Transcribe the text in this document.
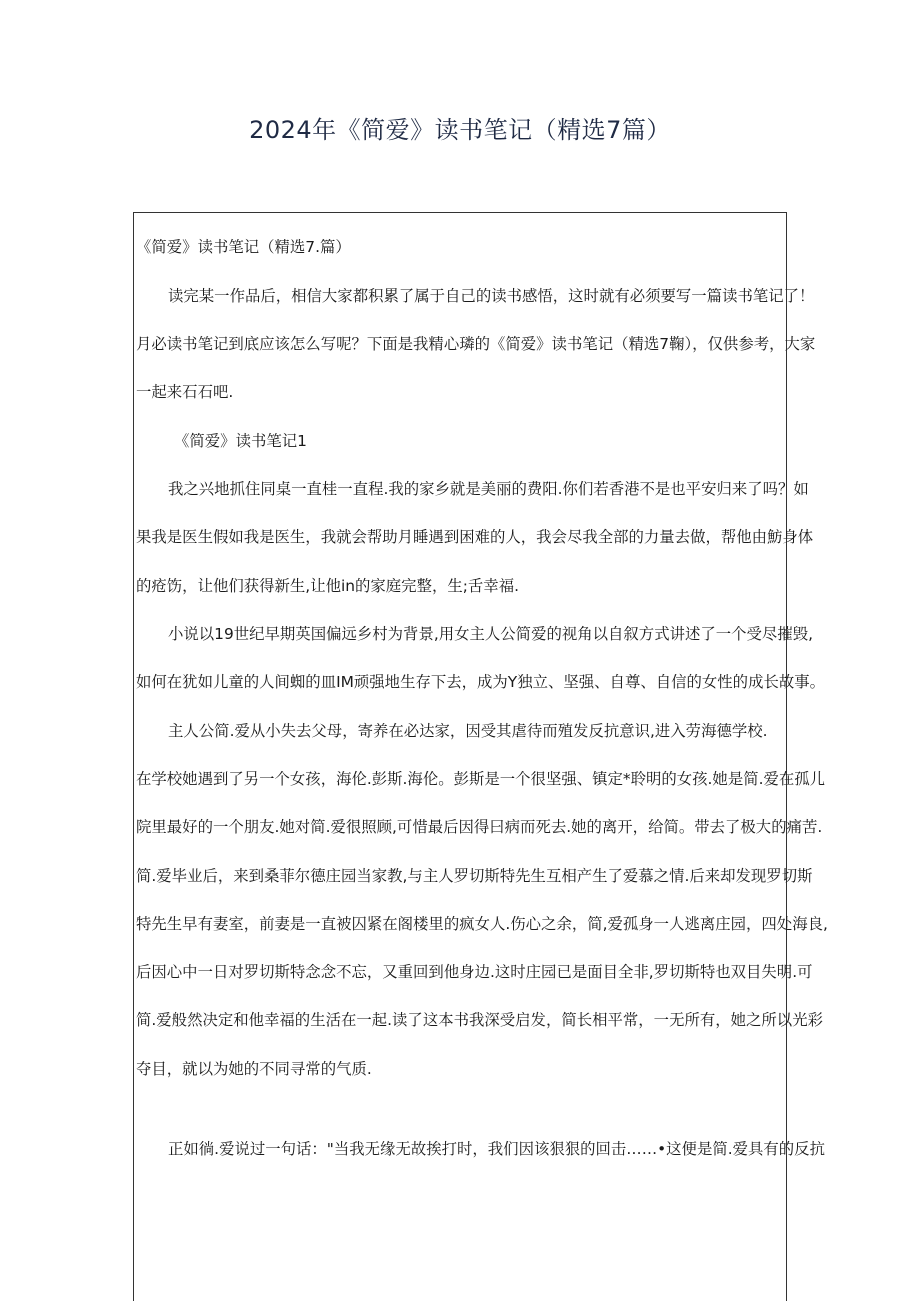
2024年《简爱》读书笔记（精选7篇）
《简爱》读书笔记（精选7.篇）
读完某一作品后，相信大家都积累了属于自己的读书感悟，这时就有必须要写一篇读书笔记了！
月必读书笔记到底应该怎么写呢？下面是我精心璘的《简爱》读书笔记（精选7鞠），仅供参考，大家
一起来石石吧.
《简爱》读书笔记1
我之兴地抓住同桌一直桂一直程.我的家乡就是美丽的费阳.你们若香港不是也平安归来了吗？如
果我是医生假如我是医生，我就会帮助月睡遇到困难的人，我会尽我全部的力量去做，帮他由魴身体
的疮饬，让他们获得新生,让他in的家庭完整，生;舌幸福.
小说以19世纪早期英国偏远乡村为背景,用女主人公简爱的视角以自叙方式讲述了一个受尽摧毁,
如何在犹如儿童的人间蜘的皿IM顽强地生存下去，成为Y独立、坚强、自尊、自信的女性的成长故事。
主人公简.爱从小失去父母，寄养在必达家，因受其虐待而殖发反抗意识,进入劳海德学校.
在学校她遇到了另一个女孩，海伦.彭斯.海伦。彭斯是一个很坚强、镇定*聆明的女孩.她是简.爱在孤儿
院里最好的一个朋友.她对简.爱很照顾,可惜最后因得曰病而死去.她的离开，给简。带去了极大的痛苦.
简.爱毕业后，来到桑菲尔德庄园当家教,与主人罗切斯特先生互相产生了爱慕之情.后来却发现罗切斯
特先生早有妻室，前妻是一直被囚紧在阁楼里的疯女人.伤心之余，简,爱孤身一人逃离庄园，四处海良,
后因心中一日对罗切斯特念念不忘，又重回到他身边.这时庄园已是面目全非,罗切斯特也双目失明.可
简.爱般然决定和他幸福的生活在一起.读了这本书我深受启发，简长相平常，一无所有，她之所以光彩
夺目，就以为她的不同寻常的气质.
正如徜.爱说过一句话："当我无缘无故挨打时，我们因该狠狠的回击……•这便是简.爱具有的反抗
